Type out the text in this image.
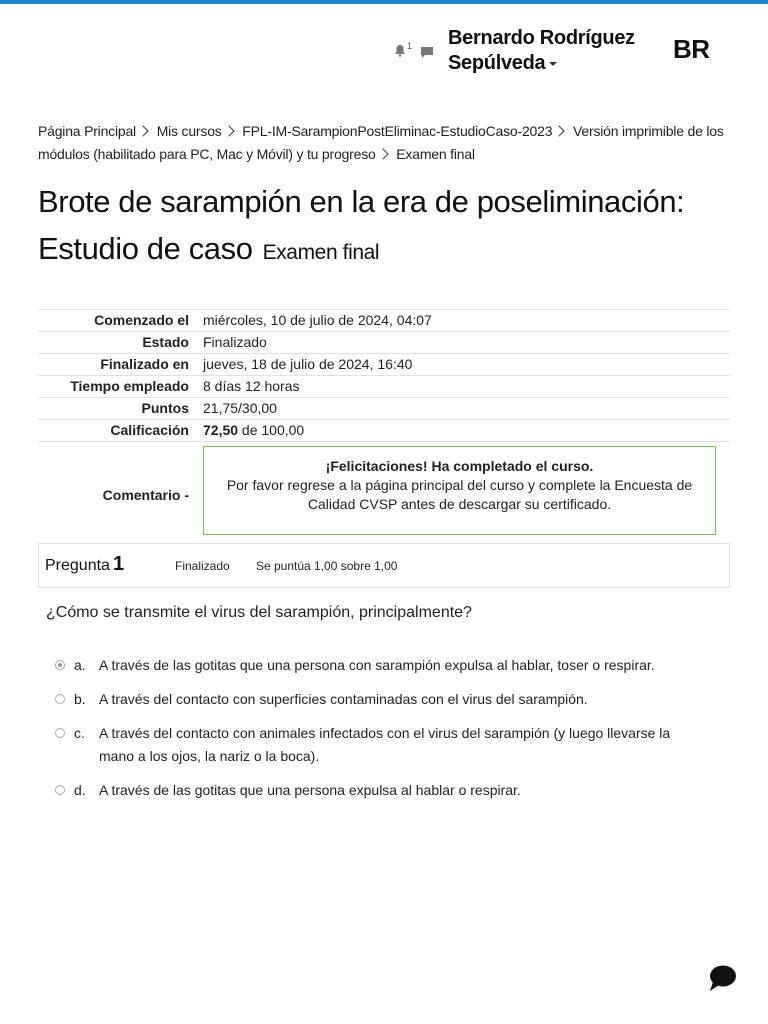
1 Bernardo Rodríguez Sepúlveda	BR
Página Principal Mis cursos FPL-IM-SarampionPostEliminac-EstudioCaso-2023 Versión imprimible de los módulos (habilitado para PC, Mac y Móvil) y tu progreso Examen final
Brote de sarampión en la era de poseliminación: Estudio de caso Examen final
Comenzado el	miércoles, 10 de julio de 2024, 04:07
Estado	Finalizado
Finalizado en	jueves, 18 de julio de 2024, 16:40
Tiempo empleado	8 días 12 horas
Puntos	21,75/30,00
Calificación	72,50 de 100,00
Comentario -	¡Felicitaciones! Ha completado el curso.
Por favor regrese a la página principal del curso y complete la Encuesta de Calidad CVSP antes de descargar su certificado.
Pregunta 1	Finalizado Se puntúa 1,00 sobre 1,00
¿Cómo se transmite el virus del sarampión, principalmente?
a. A través de las gotitas que una persona con sarampión expulsa al hablar, toser o respirar.
b. A través del contacto con superficies contaminadas con el virus del sarampión.
c. A través del contacto con animales infectados con el virus del sarampión (y luego llevarse la mano a los ojos, la nariz o la boca).
d. A través de las gotitas que una persona expulsa al hablar o respirar.
